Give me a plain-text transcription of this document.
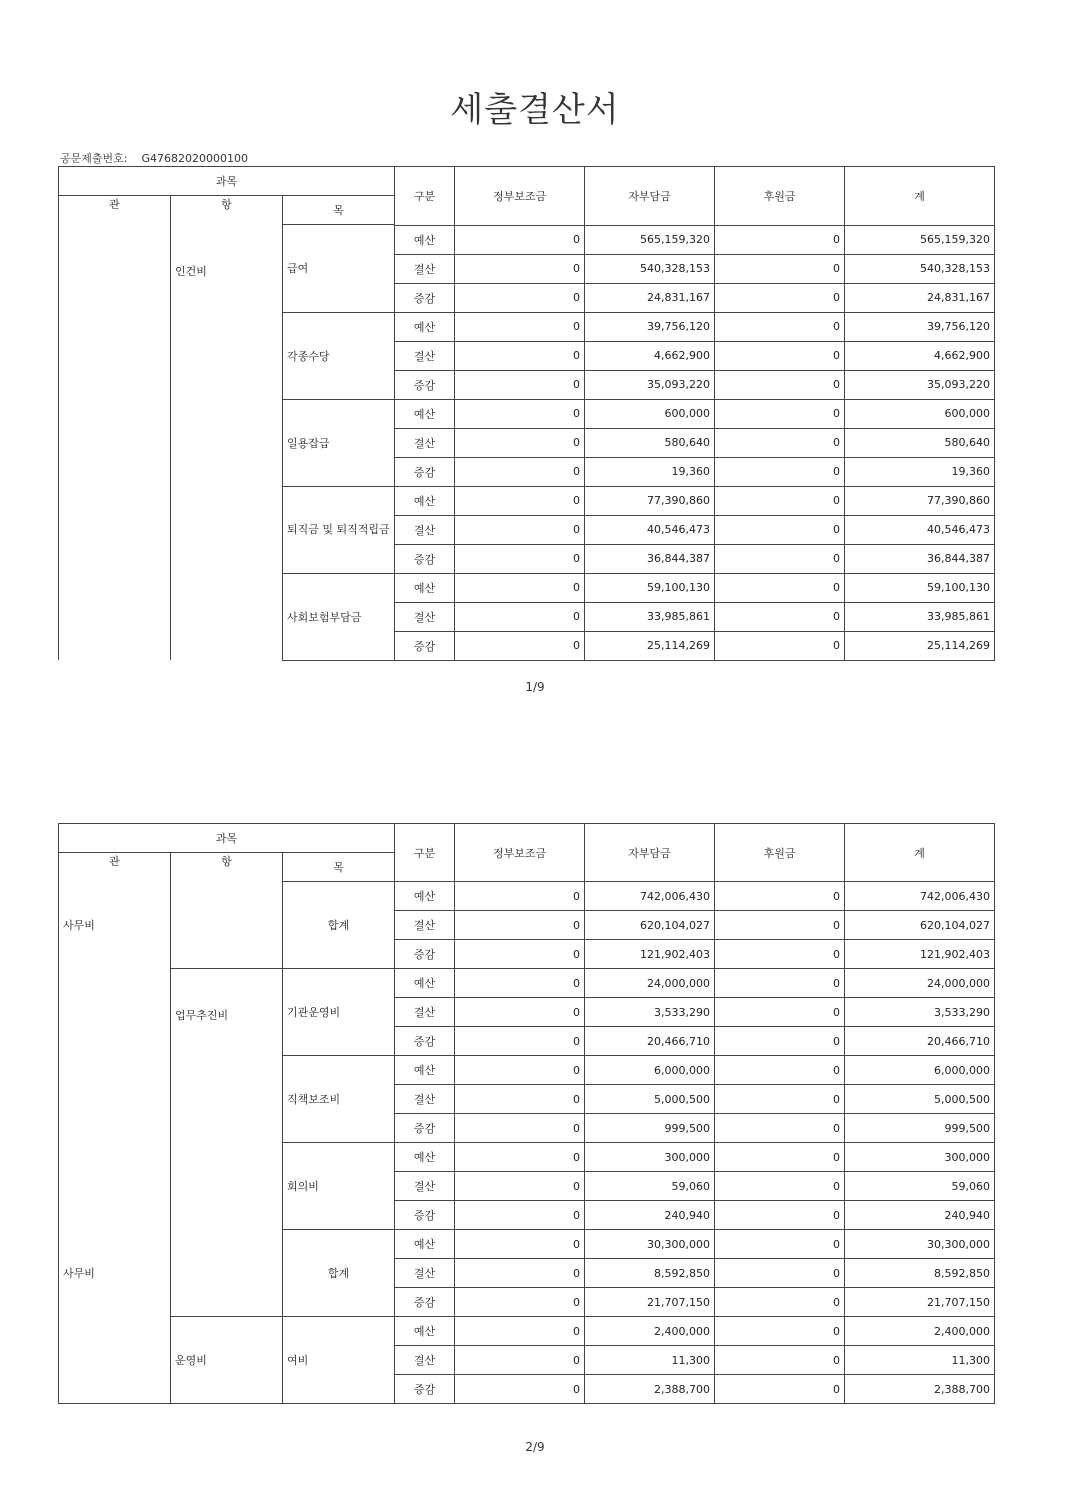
세출결산서
공문제출번호: G47682020000100
과목			구분	정부보조금	자부담금	후원금	계
관	항	목					

	인건비	급여	예산	0	565,159,320	0	565,159,320
			결산	0	540,328,153	0	540,328,153
			증감	0	24,831,167	0	24,831,167
		각종수당	예산	0	39,756,120	0	39,756,120
			결산	0	4,662,900	0	4,662,900
			증감	0	35,093,220	0	35,093,220
		일용잡급	예산	0	600,000	0	600,000
			결산	0	580,640	0	580,640
			증감	0	19,360	0	19,360
		퇴직금 및 퇴직적립금	예산	0	77,390,860	0	77,390,860
			결산	0	40,546,473	0	40,546,473
			증감	0	36,844,387	0	36,844,387
		사회보험부담금	예산	0	59,100,130	0	59,100,130
			결산	0	33,985,861	0	33,985,861
			증감	0	25,114,269	0	25,114,269
1/9
과목			구분	정부보조금	자부담금	후원금	계
관	항	목					
사무비		합계	예산	0	742,006,430	0	742,006,430
			결산	0	620,104,027	0	620,104,027
			증감	0	121,902,403	0	121,902,403
	업무추진비	기관운영비	예산	0	24,000,000	0	24,000,000
			결산	0	3,533,290	0	3,533,290
			증감	0	20,466,710	0	20,466,710
		직책보조비	예산	0	6,000,000	0	6,000,000
			결산	0	5,000,500	0	5,000,500
			증감	0	999,500	0	999,500
		회의비	예산	0	300,000	0	300,000
			결산	0	59,060	0	59,060
			증감	0	240,940	0	240,940
사무비		합계	예산	0	30,300,000	0	30,300,000
			결산	0	8,592,850	0	8,592,850
			증감	0	21,707,150	0	21,707,150
	운영비	여비	예산	0	2,400,000	0	2,400,000
			결산	0	11,300	0	11,300
			증감	0	2,388,700	0	2,388,700
2/9
